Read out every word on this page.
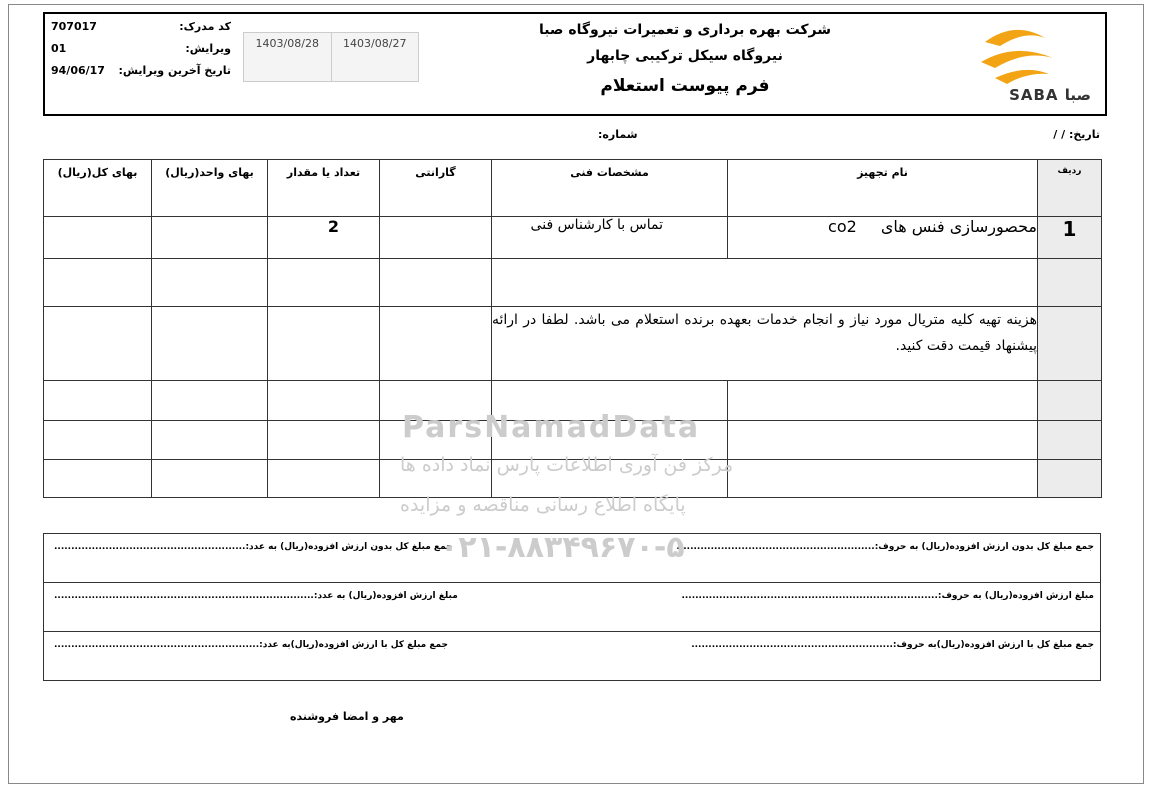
707017	کد مدرک:
01	ویرایش:
94/06/17 تاریخ آخرین ویرایش:
1403/08/28	1403/08/27
شرکت بهره برداری و تعمیرات نیروگاه صبا
نیروگاه سیکل ترکیبی چابهار
فرم پیوست استعلام	SABA صبا
تاریخ: / /
شماره:
ردیف	نام تجهیز	مشخصات فنی	گارانتی	تعداد یا مقدار	بهای واحد(ریال)	بهای کل(ریال)
1	محصورسازی فنس هایco2	تماس با کارشناس فنی		2		

	هزینه تهیه کلیه متریال مورد نیاز و انجام خدمات بعهده برنده استعلام می باشد. لطفا در ارائه پیشنهاد قیمت دقت کنید.					

جمع مبلغ کل بدون ارزش افزوده(ریال) به حروف:..........................................................
جمع مبلغ کل بدون ارزش افزوده(ریال) به عدد:........................................................
مبلغ ارزش افزوده(ریال) به حروف:...........................................................................
مبلغ ارزش افزوده(ریال) به عدد:............................................................................
جمع مبلغ کل با ارزش افزوده(ریال)به حروف:...........................................................
جمع مبلغ کل با ارزش افزوده(ریال)به عدد:............................................................
مهر و امضا فروشنده
ParsNamadData
مرکز فن آوری اطلاعات پارس نماد داده ها
پایگاه اطلاع رسانی مناقصه و مزایده
۰۲۱-۸۸۳۴۹۶۷۰-۵
